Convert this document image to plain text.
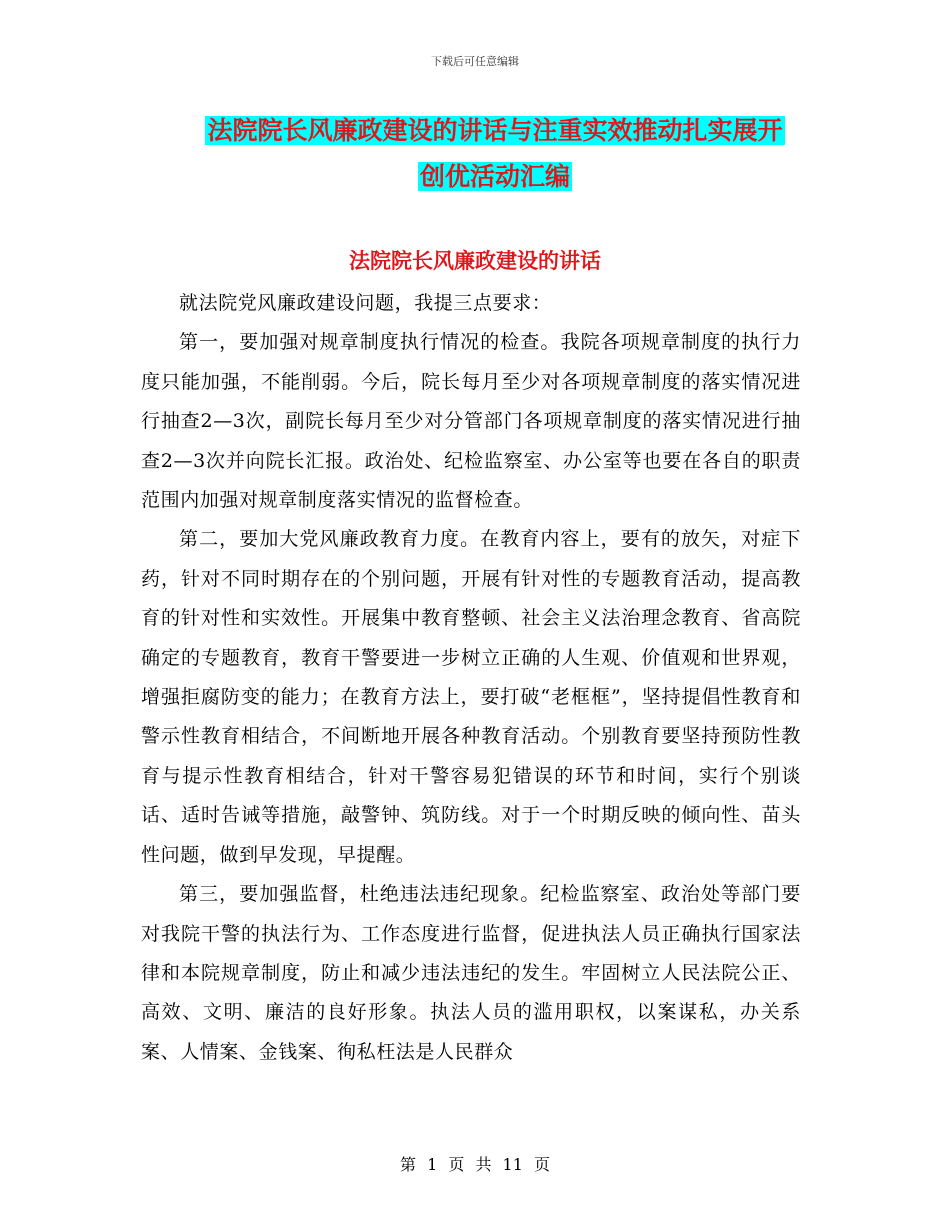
下载后可任意编辑
法院院长风廉政建设的讲话与注重实效推动扎实展开
创优活动汇编
法院院长风廉政建设的讲话

就法院党风廉政建设问题，我提三点要求：

第一，要加强对规章制度执行情况的检查。我院各项规章制度的执行力度只能加强，不能削弱。今后，院长每月至少对各项规章制度的落实情况进行抽查2—3次，副院长每月至少对分管部门各项规章制度的落实情况进行抽查2—3次并向院长汇报。政治处、纪检监察室、办公室等也要在各自的职责范围内加强对规章制度落实情况的监督检查。

第二，要加大党风廉政教育力度。在教育内容上，要有的放矢，对症下药，针对不同时期存在的个别问题，开展有针对性的专题教育活动，提高教育的针对性和实效性。开展集中教育整顿、社会主义法治理念教育、省高院确定的专题教育，教育干警要进一步树立正确的人生观、价值观和世界观，增强拒腐防变的能力；在教育方法上，要打破“老框框”，坚持提倡性教育和警示性教育相结合，不间断地开展各种教育活动。个别教育要坚持预防性教育与提示性教育相结合，针对干警容易犯错误的环节和时间，实行个别谈话、适时告诫等措施，敲警钟、筑防线。对于一个时期反映的倾向性、苗头性问题，做到早发现，早提醒。

第三，要加强监督，杜绝违法违纪现象。纪检监察室、政治处等部门要对我院干警的执法行为、工作态度进行监督，促进执法人员正确执行国家法律和本院规章制度，防止和减少违法违纪的发生。牢固树立人民法院公正、高效、文明、廉洁的良好形象。执法人员的滥用职权，以案谋私，办关系案、人情案、金钱案、徇私枉法是人民群众

第 1 页 共 11 页
